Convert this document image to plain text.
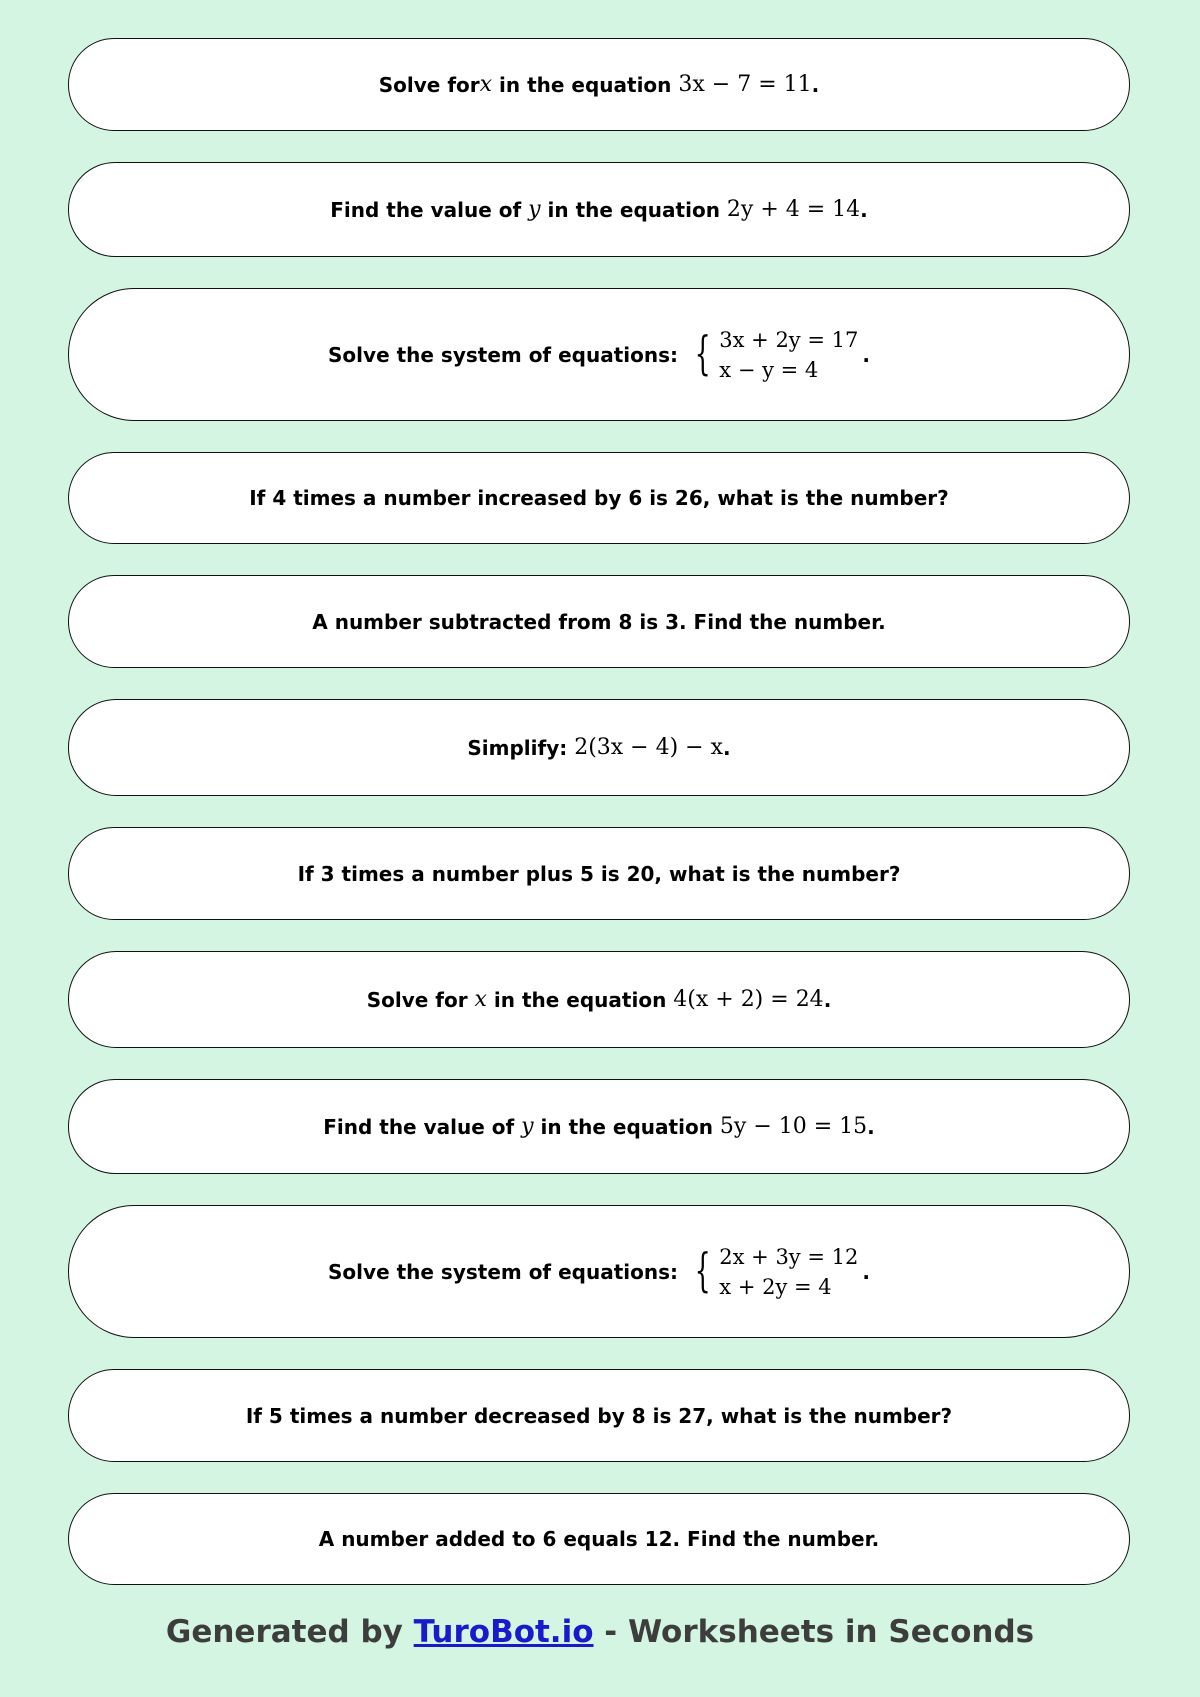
Solve for x in the equation 3x − 7 = 11 .
Find the value of y in the equation 2y + 4 = 14 .
Solve the system of equations: { 3x + 2y = 17
x − y = 4
.
If 4 times a number increased by 6 is 26, what is the number?
A number subtracted from 8 is 3. Find the number.
Simplify: 2(3x − 4) − x .
If 3 times a number plus 5 is 20, what is the number?
Solve for x in the equation 4(x + 2) = 24 .
Find the value of y in the equation 5y − 10 = 15 .
Solve the system of equations: { 2x + 3y = 12
x + 2y = 4
.
If 5 times a number decreased by 8 is 27, what is the number?
A number added to 6 equals 12. Find the number.
Generated by TuroBot.io - Worksheets in Seconds
